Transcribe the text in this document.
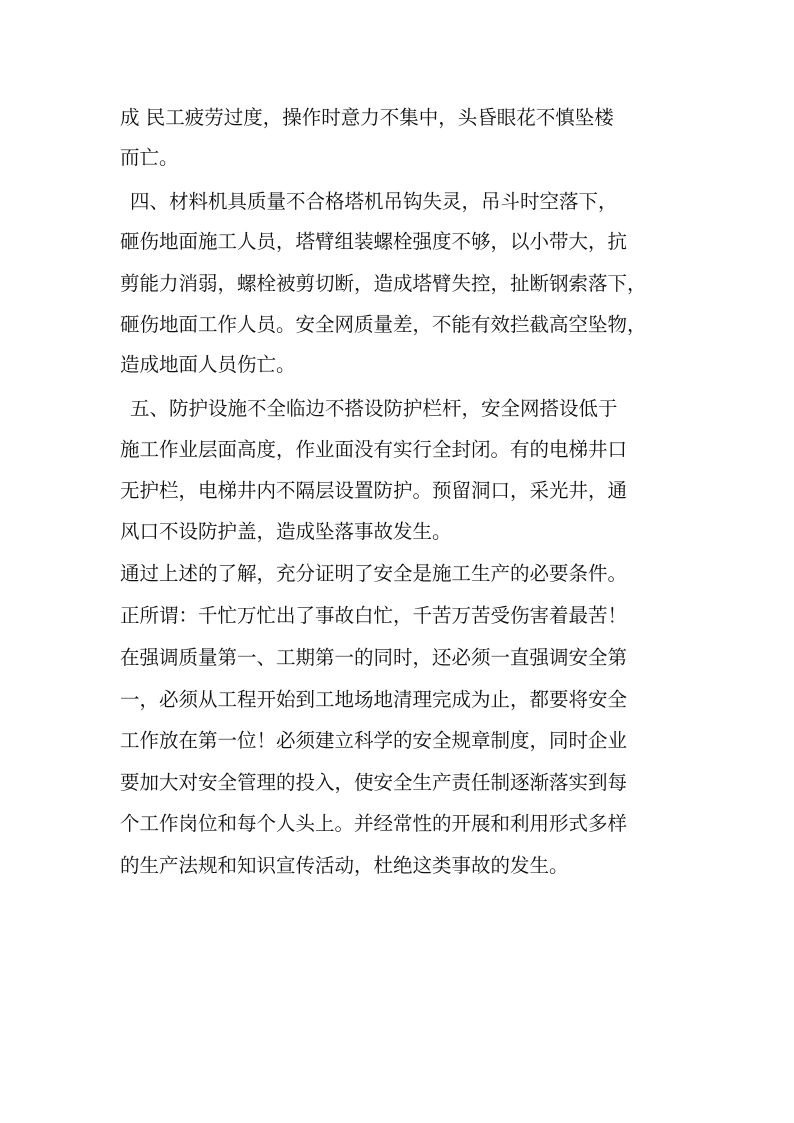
成 民工疲劳过度，操作时意力不集中，头昏眼花不慎坠楼
而亡。
四、材料机具质量不合格塔机吊钩失灵，吊斗时空落下，
砸伤地面施工人员，塔臂组装螺栓强度不够，以小带大，抗
剪能力消弱，螺栓被剪切断，造成塔臂失控，扯断钢索落下，
砸伤地面工作人员。安全网质量差，不能有效拦截高空坠物，
造成地面人员伤亡。
五、防护设施不全临边不搭设防护栏杆，安全网搭设低于
施工作业层面高度，作业面没有实行全封闭。有的电梯井口
无护栏，电梯井内不隔层设置防护。预留洞口，采光井，通
风口不设防护盖，造成坠落事故发生。
通过上述的了解，充分证明了安全是施工生产的必要条件。
正所谓：千忙万忙出了事故白忙，千苦万苦受伤害着最苦！
在强调质量第一、工期第一的同时，还必须一直强调安全第
一，必须从工程开始到工地场地清理完成为止，都要将安全
工作放在第一位！必须建立科学的安全规章制度，同时企业
要加大对安全管理的投入，使安全生产责任制逐渐落实到每
个工作岗位和每个人头上。并经常性的开展和利用形式多样
的生产法规和知识宣传活动，杜绝这类事故的发生。
